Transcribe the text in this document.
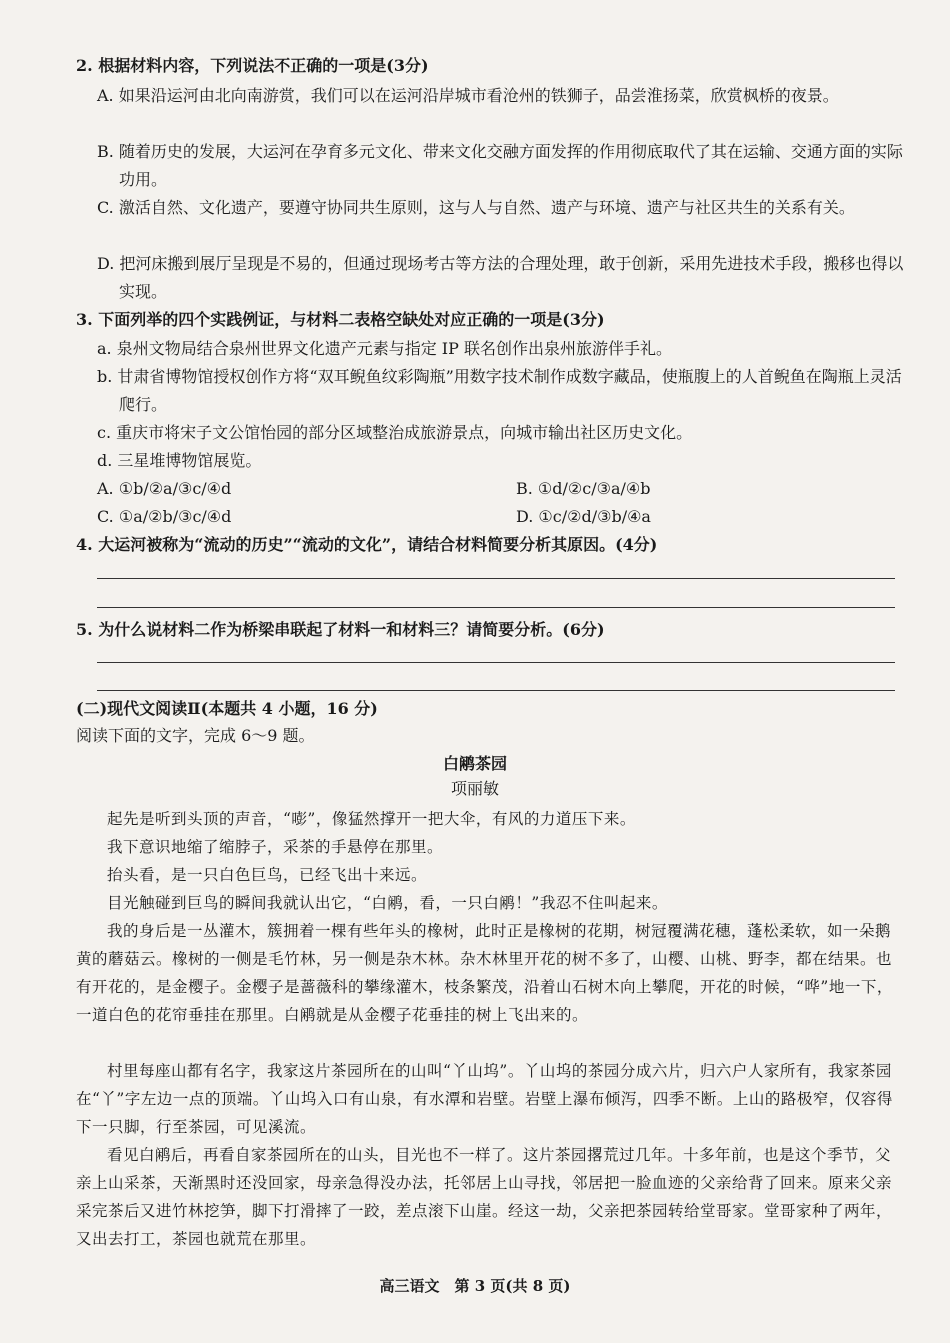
2. 根据材料内容，下列说法不正确的一项是(3分)
A. 如果沿运河由北向南游赏，我们可以在运河沿岸城市看沧州的铁狮子，品尝淮扬菜，欣赏枫桥的夜景。
B. 随着历史的发展，大运河在孕育多元文化、带来文化交融方面发挥的作用彻底取代了其在运输、交通方面的实际功用。
C. 激活自然、文化遗产，要遵守协同共生原则，这与人与自然、遗产与环境、遗产与社区共生的关系有关。
D. 把河床搬到展厅呈现是不易的，但通过现场考古等方法的合理处理，敢于创新，采用先进技术手段，搬移也得以实现。
3. 下面列举的四个实践例证，与材料二表格空缺处对应正确的一项是(3分)
a. 泉州文物局结合泉州世界文化遗产元素与指定 IP 联名创作出泉州旅游伴手礼。
b. 甘肃省博物馆授权创作方将“双耳鲵鱼纹彩陶瓶”用数字技术制作成数字藏品，使瓶腹上的人首鲵鱼在陶瓶上灵活爬行。
c. 重庆市将宋子文公馆怡园的部分区域整治成旅游景点，向城市输出社区历史文化。
d. 三星堆博物馆展览。
A. ①b/②a/③c/④d	B. ①d/②c/③a/④b
C. ①a/②b/③c/④d	D. ①c/②d/③b/④a
4. 大运河被称为“流动的历史”“流动的文化”，请结合材料简要分析其原因。(4分)
5. 为什么说材料二作为桥梁串联起了材料一和材料三？请简要分析。(6分)
(二)现代文阅读Ⅱ(本题共 4 小题，16 分)
阅读下面的文字，完成 6～9 题。
白鹇茶园
项丽敏
起先是听到头顶的声音，“嘭”，像猛然撑开一把大伞，有风的力道压下来。
我下意识地缩了缩脖子，采茶的手悬停在那里。
抬头看，是一只白色巨鸟，已经飞出十来远。
目光触碰到巨鸟的瞬间我就认出它，“白鹇，看，一只白鹇！”我忍不住叫起来。
我的身后是一丛灌木，簇拥着一棵有些年头的橡树，此时正是橡树的花期，树冠覆满花穗，蓬松柔软，如一朵鹅黄的蘑菇云。橡树的一侧是毛竹林，另一侧是杂木林。杂木林里开花的树不多了，山樱、山桃、野李，都在结果。也有开花的，是金樱子。金樱子是蔷薇科的攀缘灌木，枝条繁茂，沿着山石树木向上攀爬，开花的时候，“哗”地一下，一道白色的花帘垂挂在那里。白鹇就是从金樱子花垂挂的树上飞出来的。
村里每座山都有名字，我家这片茶园所在的山叫“丫山坞”。丫山坞的茶园分成六片，归六户人家所有，我家茶园在“丫”字左边一点的顶端。丫山坞入口有山泉，有水潭和岩壁。岩壁上瀑布倾泻，四季不断。上山的路极窄，仅容得下一只脚，行至茶园，可见溪流。
看见白鹇后，再看自家茶园所在的山头，目光也不一样了。这片茶园撂荒过几年。十多年前，也是这个季节，父亲上山采茶，天渐黑时还没回家，母亲急得没办法，托邻居上山寻找，邻居把一脸血迹的父亲给背了回来。原来父亲采完茶后又进竹林挖笋，脚下打滑摔了一跤，差点滚下山崖。经这一劫，父亲把茶园转给堂哥家。堂哥家种了两年，又出去打工，茶园也就荒在那里。
高三语文　第 3 页(共 8 页)
